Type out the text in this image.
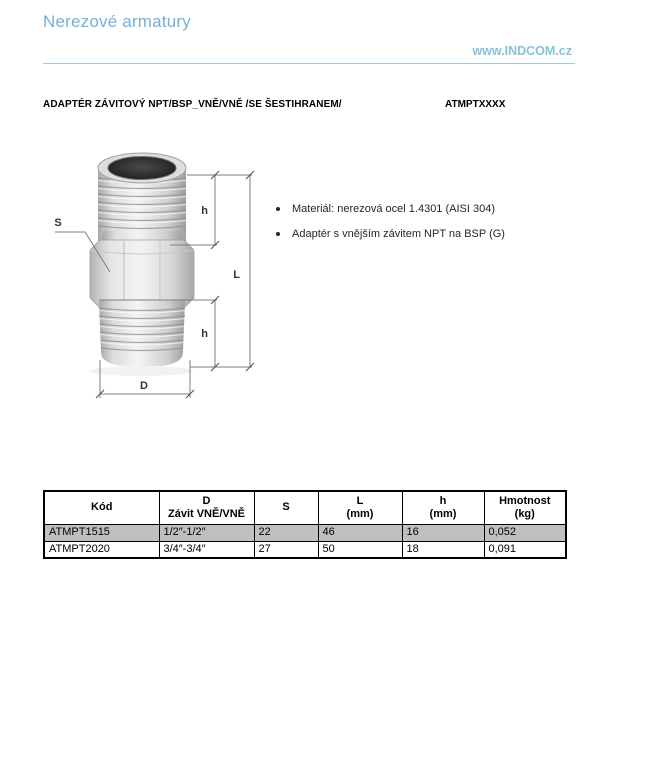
Nerezové armatury
www.INDCOM.cz
ADAPTÉR ZÁVITOVÝ NPT/BSP_VNĚ/VNĚ /SE ŠESTIHRANEM/	ATMPTXXXX
S
h
L
h
D
Materiál: nerezová ocel 1.4301 (AISI 304)
Adaptér s vnějším závitem NPT na BSP (G)
Kód

D
Závit VNĚ/VNĚ

S

L
(mm)

h
(mm)

Hmotnost
(kg)

ATMPT1515	1/2″-1/2″	22	46	16	0,052
ATMPT2020	3/4″-3/4″	27	50	18	0,091
